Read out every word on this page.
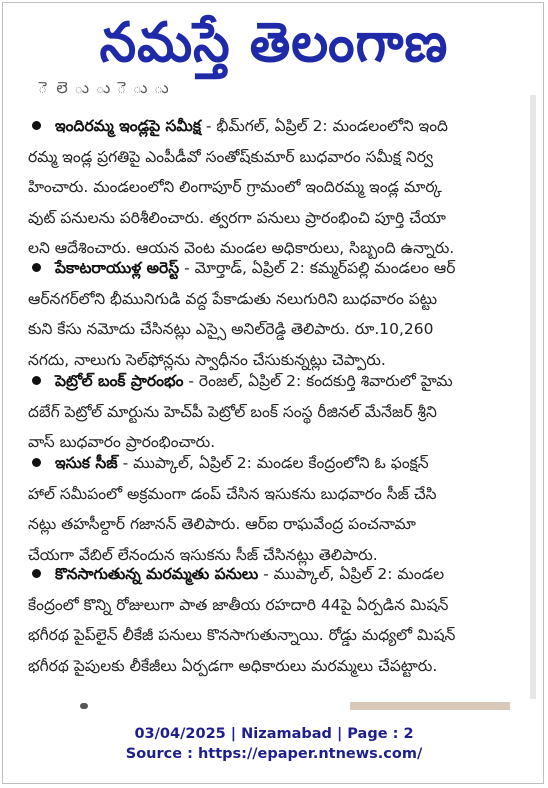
నమస్తే తెలంగాణ
ె లె ు ు ె ు ు

ఇందిరమ్మ ఇండ్లపై సమీక్ష - భీమ్‌గల్, ఏప్రిల్ 2: మండలంలోని ఇంది

రమ్మ ఇండ్ల ప్రగతిపై ఎంపీడీవో సంతోష్‌కుమార్ బుధవారం సమీక్ష నిర్వ

హించారు. మండలంలోని లింగాపూర్ గ్రామంలో ఇందిరమ్మ ఇండ్ల మార్క

వుట్ పనులను పరిశీలించారు. త్వరగా పనులు ప్రారంభించి పూర్తి చేయా

లని ఆదేశించారు. ఆయన వెంట మండల అధికారులు, సిబ్బంది ఉన్నారు.

పేకాటరాయుళ్ల అరెస్ట్ - మోర్తాడ్, ఏప్రిల్ 2: కమ్మర్‌పల్లి మండలం ఆర్

ఆర్‌నగర్‌లోని భీమునిగుడి వద్ద పేకాడుతు నలుగురిని బుధవారం పట్టు

కుని కేసు నమోదు చేసినట్లు ఎస్సై అనిల్‌రెడ్డి తెలిపారు. రూ.10,260

నగదు, నాలుగు సెల్‌ఫోన్లను స్వాధీనం చేసుకున్నట్లు చెప్పారు.

పెట్రోల్ బంక్ ప్రారంభం - రెంజల్, ఏప్రిల్ 2: కందకుర్తి శివారులో హైమ

దబేగ్ పెట్రోల్ మార్టును హెచ్‌పీ పెట్రోల్ బంక్ సంస్థ రీజినల్ మేనేజర్ శ్రీని

వాస్ బుధవారం ప్రారంభించారు.

ఇసుక సీజ్ - ముప్కాల్, ఏప్రిల్ 2: మండల కేంద్రంలోని ఓ ఫంక్షన్

హాల్ సమీపంలో అక్రమంగా డంప్ చేసిన ఇసుకను బుధవారం సీజ్ చేసి

నట్లు తహసీల్దార్ గజానన్ తెలిపారు. ఆర్ఐ రాఘవేంద్ర పంచనామా

చేయగా వేబిల్ లేనందున ఇసుకను సీజ్ చేసినట్లు తెలిపారు.

కొనసాగుతున్న మరమ్మతు పనులు - ముప్కాల్, ఏప్రిల్ 2: మండల

కేంద్రంలో కొన్ని రోజులుగా పాత జాతీయ రహదారి 44పై ఏర్పడిన మిషన్

భగీరథ పైప్‌లైన్ లీకేజీ పనులు కొనసాగుతున్నాయి. రోడ్డు మధ్యలో మిషన్

భగీరథ పైపులకు లీకేజీలు ఏర్పడగా అధికారులు మరమ్మలు చేపట్టారు.

03/04/2025 | Nizamabad | Page : 2
Source : https://epaper.ntnews.com/
